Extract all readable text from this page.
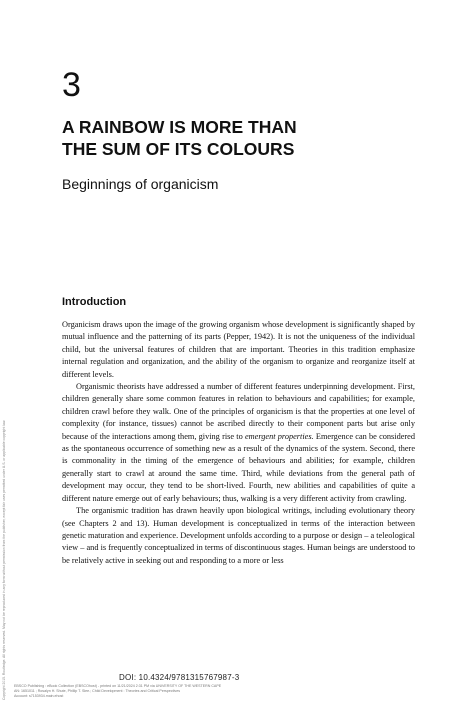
3
A RAINBOW IS MORE THAN
THE SUM OF ITS COLOURS
Beginnings of organicism
Introduction

Organicism draws upon the image of the growing organism whose development is significantly shaped by mutual influence and the patterning of its parts (Pepper, 1942). It is not the uniqueness of the individual child, but the universal features of children that are important. Theories in this tradition emphasize internal regulation and organization, and the ability of the organism to organize and reorganize itself at different levels.

Organismic theorists have addressed a number of different features underpinning development. First, children generally share some common features in relation to behaviours and capabilities; for example, children crawl before they walk. One of the principles of organicism is that the properties at one level of complexity (for instance, tissues) cannot be ascribed directly to their component parts but arise only because of the interactions among them, giving rise to emergent properties. Emergence can be considered as the spontaneous occurrence of something new as a result of the dynamics of the system. Second, there is commonality in the timing of the emergence of behaviours and abilities; for example, children generally start to crawl at around the same time. Third, while deviations from the general path of development may occur, they tend to be short-lived. Fourth, new abilities and capabilities of quite a different nature emerge out of early behaviours; thus, walking is a very different activity from crawling.

The organismic tradition has drawn heavily upon biological writings, including evolutionary theory (see Chapters 2 and 13). Human development is conceptualized in terms of the interaction between genetic maturation and experience. Development unfolds according to a purpose or design – a teleological view – and is frequently conceptualized in terms of discontinuous stages. Human beings are understood to be relatively active in seeking out and responding to a more or less

DOI: 10.4324/9781315767987-3
Copyright 2015. Routledge. All rights reserved. May not be reproduced in any form without permission from the publisher, except fair uses permitted under U.S. or applicable copyright law. EBSCO Publishing : eBook Collection (EBSCOhost) - printed on 11/21/2024 2:31 PM via UNIVERSITY OF THE WESTERN CAPE
AN: 1651011 ; Rosalyn H. Shute, Phillip T. Slee.; Child Development : Theories and Critical Perspectives
Account: s7153934.main.ehost
